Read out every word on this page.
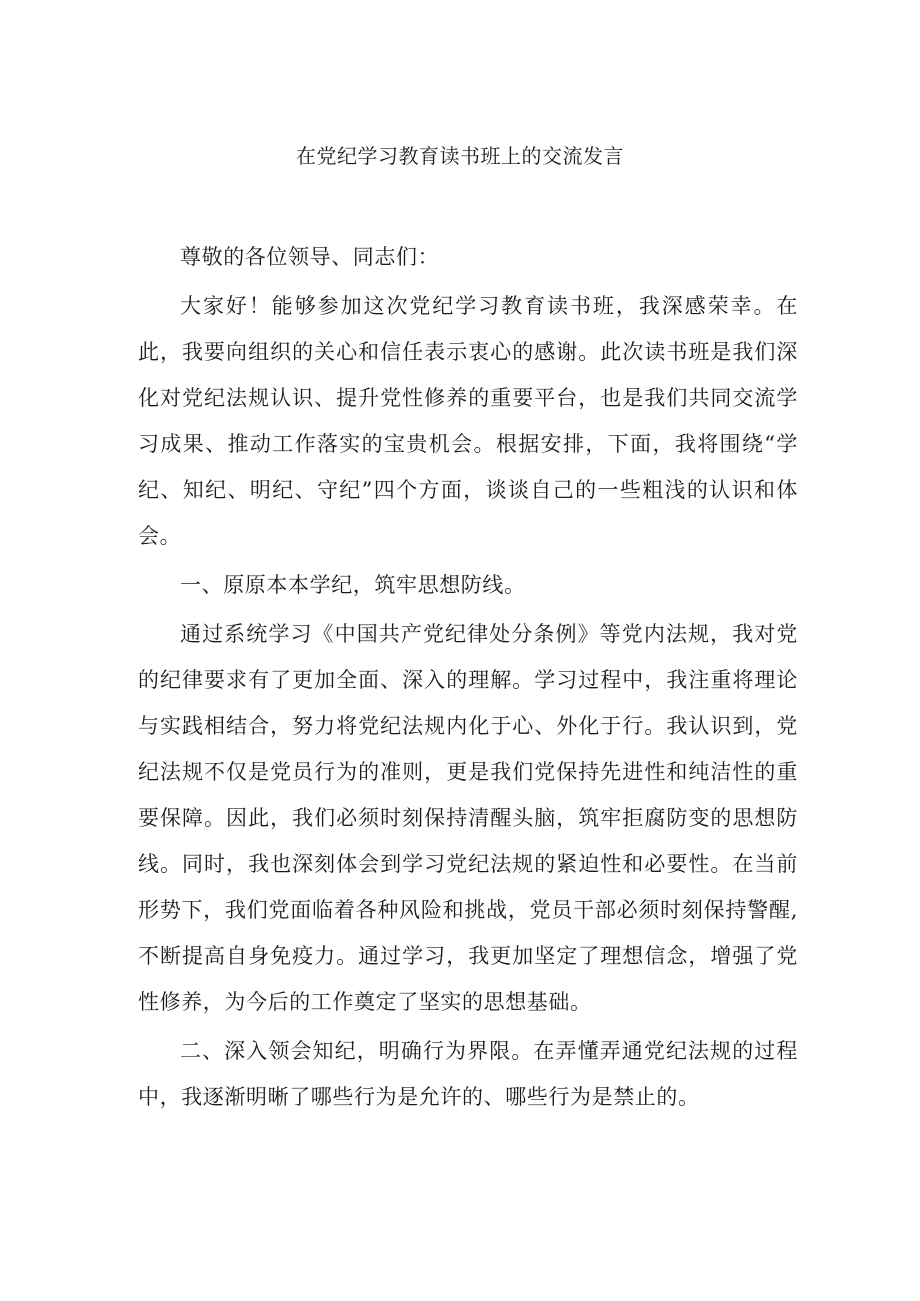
在党纪学习教育读书班上的交流发言

尊敬的各位领导、同志们：

大家好！能够参加这次党纪学习教育读书班，我深感荣幸。在此，我要向组织的关心和信任表示衷心的感谢。此次读书班是我们深化对党纪法规认识、提升党性修养的重要平台，也是我们共同交流学习成果、推动工作落实的宝贵机会。根据安排，下面，我将围绕“学纪、知纪、明纪、守纪”四个方面，谈谈自己的一些粗浅的认识和体会。

一、原原本本学纪，筑牢思想防线。

通过系统学习《中国共产党纪律处分条例》等党内法规，我对党的纪律要求有了更加全面、深入的理解。学习过程中，我注重将理论与实践相结合，努力将党纪法规内化于心、外化于行。我认识到，党纪法规不仅是党员行为的准则，更是我们党保持先进性和纯洁性的重要保障。因此，我们必须时刻保持清醒头脑，筑牢拒腐防变的思想防线。同时，我也深刻体会到学习党纪法规的紧迫性和必要性。在当前形势下，我们党面临着各种风险和挑战，党员干部必须时刻保持警醒,不断提高自身免疫力。通过学习，我更加坚定了理想信念，增强了党性修养，为今后的工作奠定了坚实的思想基础。

二、深入领会知纪，明确行为界限。在弄懂弄通党纪法规的过程中，我逐渐明晰了哪些行为是允许的、哪些行为是禁止的。
